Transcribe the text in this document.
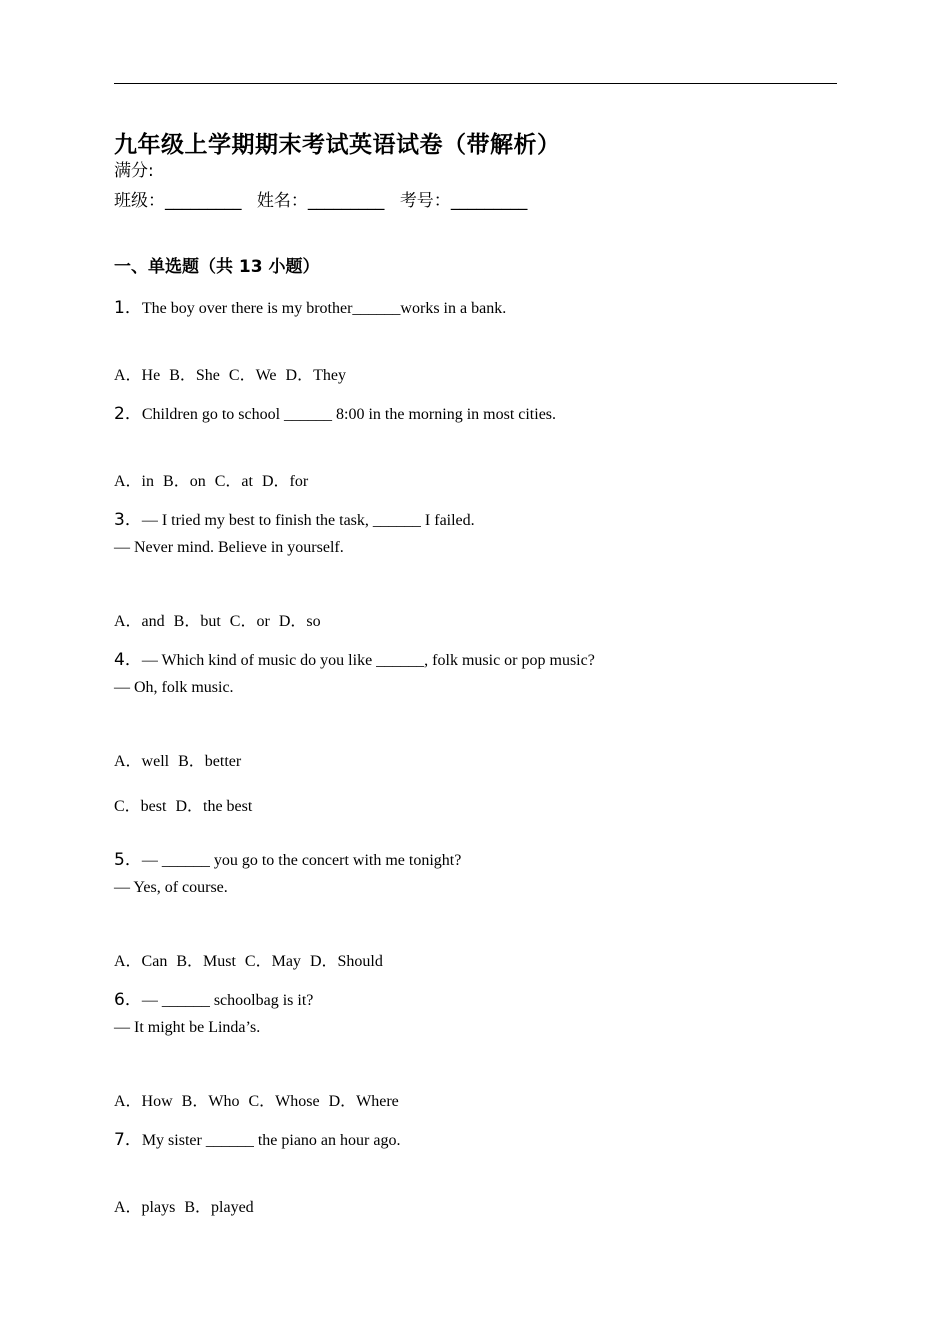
九年级上学期期末考试英语试卷（带解析）
满分:
班级：_________ 姓名：_________ 考号：_________
一、单选题（共 13 小题）
1．The boy over there is my brother______works in a bank.
A．He B．She C．We D．They
2．Children go to school ______ 8:00 in the morning in most cities.
A．in B．on C．at D．for
3．— I tried my best to finish the task, ______ I failed.
— Never mind. Believe in yourself.
A．and B．but C．or D．so
4．— Which kind of music do you like ______, folk music or pop music?
— Oh, folk music.
A．well B．better
C．best D．the best
5．— ______ you go to the concert with me tonight?
— Yes, of course.
A．Can B．Must C．May D．Should
6．— ______ schoolbag is it?
— It might be Linda’s.
A．How B．Who C．Whose D．Where
7．My sister ______ the piano an hour ago.
A．plays B．played
